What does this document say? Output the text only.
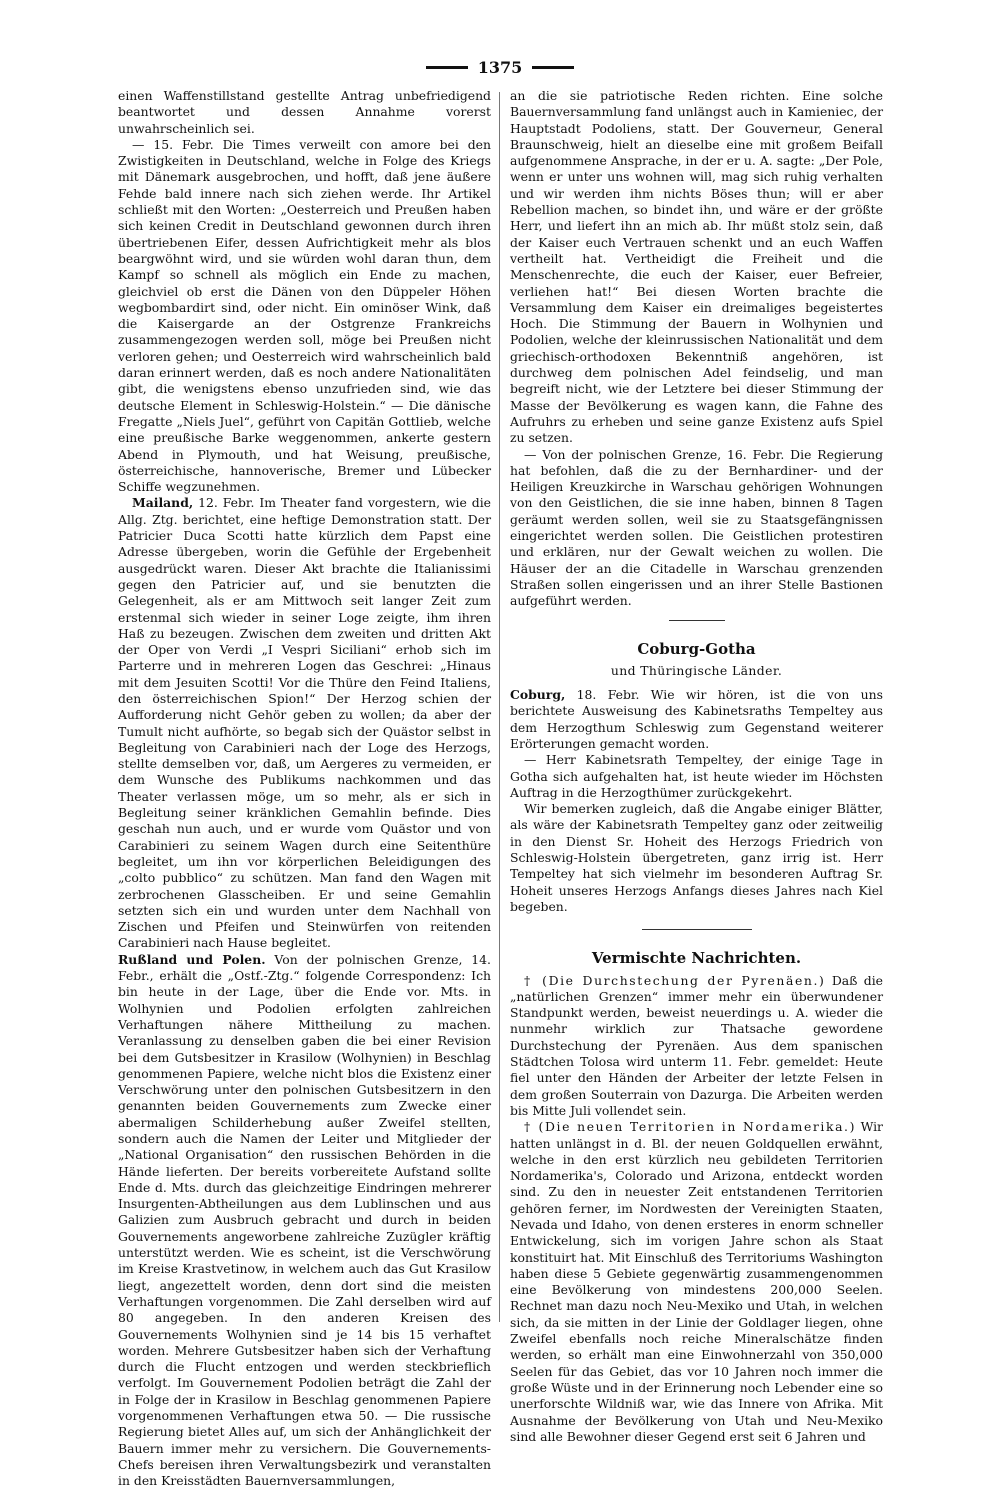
1375

einen Waffenstillstand gestellte Antrag unbefriedigend beantwortet und dessen Annahme vorerst unwahrscheinlich sei.

— 15. Febr. Die Times verweilt con amore bei den Zwistigkeiten in Deutschland, welche in Folge des Kriegs mit Dänemark ausgebrochen, und hofft, daß jene äußere Fehde bald innere nach sich ziehen werde. Ihr Artikel schließt mit den Worten: „Oesterreich und Preußen haben sich keinen Credit in Deutschland gewonnen durch ihren übertriebenen Eifer, dessen Aufrichtigkeit mehr als blos beargwöhnt wird, und sie würden wohl daran thun, dem Kampf so schnell als möglich ein Ende zu machen, gleichviel ob erst die Dänen von den Düppeler Höhen wegbombardirt sind, oder nicht. Ein ominöser Wink, daß die Kaisergarde an der Ostgrenze Frankreichs zusammengezogen werden soll, möge bei Preußen nicht verloren gehen; und Oesterreich wird wahrscheinlich bald daran erinnert werden, daß es noch andere Nationalitäten gibt, die wenigstens ebenso unzufrieden sind, wie das deutsche Element in Schleswig-Holstein.“ — Die dänische Fregatte „Niels Juel“, geführt von Capitän Gottlieb, welche eine preußische Barke weggenommen, ankerte gestern Abend in Plymouth, und hat Weisung, preußische, österreichische, hannoverische, Bremer und Lübecker Schiffe wegzunehmen.

Mailand, 12. Febr. Im Theater fand vorgestern, wie die Allg. Ztg. berichtet, eine heftige Demonstration statt. Der Patricier Duca Scotti hatte kürzlich dem Papst eine Adresse übergeben, worin die Gefühle der Ergebenheit ausgedrückt waren. Dieser Akt brachte die Italianissimi gegen den Patricier auf, und sie benutzten die Gelegenheit, als er am Mittwoch seit langer Zeit zum erstenmal sich wieder in seiner Loge zeigte, ihm ihren Haß zu bezeugen. Zwischen dem zweiten und dritten Akt der Oper von Verdi „I Vespri Siciliani“ erhob sich im Parterre und in mehreren Logen das Geschrei: „Hinaus mit dem Jesuiten Scotti! Vor die Thüre den Feind Italiens, den österreichischen Spion!“ Der Herzog schien der Aufforderung nicht Gehör geben zu wollen; da aber der Tumult nicht aufhörte, so begab sich der Quästor selbst in Begleitung von Carabinieri nach der Loge des Herzogs, stellte demselben vor, daß, um Aergeres zu vermeiden, er dem Wunsche des Publikums nachkommen und das Theater verlassen möge, um so mehr, als er sich in Begleitung seiner kränklichen Gemahlin befinde. Dies geschah nun auch, und er wurde vom Quästor und von Carabinieri zu seinem Wagen durch eine Seitenthüre begleitet, um ihn vor körperlichen Beleidigungen des „colto pubblico“ zu schützen. Man fand den Wagen mit zerbrochenen Glasscheiben. Er und seine Gemahlin setzten sich ein und wurden unter dem Nachhall von Zischen und Pfeifen und Steinwürfen von reitenden Carabinieri nach Hause begleitet.

Rußland und Polen. Von der polnischen Grenze, 14. Febr., erhält die „Ostf.-Ztg.“ folgende Correspondenz: Ich bin heute in der Lage, über die Ende vor. Mts. in Wolhynien und Podolien erfolgten zahlreichen Verhaftungen nähere Mittheilung zu machen. Veranlassung zu denselben gaben die bei einer Revision bei dem Gutsbesitzer in Krasilow (Wolhynien) in Beschlag genommenen Papiere, welche nicht blos die Existenz einer Verschwörung unter den polnischen Gutsbesitzern in den genannten beiden Gouvernements zum Zwecke einer abermaligen Schilderhebung außer Zweifel stellten, sondern auch die Namen der Leiter und Mitglieder der „National Organisation“ den russischen Behörden in die Hände lieferten. Der bereits vorbereitete Aufstand sollte Ende d. Mts. durch das gleichzeitige Eindringen mehrerer Insurgenten-Abtheilungen aus dem Lublinschen und aus Galizien zum Ausbruch gebracht und durch in beiden Gouvernements angeworbene zahlreiche Zuzügler kräftig unterstützt werden. Wie es scheint, ist die Verschwörung im Kreise Krastvetinow, in welchem auch das Gut Krasilow liegt, angezettelt worden, denn dort sind die meisten Verhaftungen vorgenommen. Die Zahl derselben wird auf 80 angegeben. In den anderen Kreisen des Gouvernements Wolhynien sind je 14 bis 15 verhaftet worden. Mehrere Gutsbesitzer haben sich der Verhaftung durch die Flucht entzogen und werden steckbrieflich verfolgt. Im Gouvernement Podolien beträgt die Zahl der in Folge der in Krasilow in Beschlag genommenen Papiere vorgenommenen Verhaftungen etwa 50. — Die russische Regierung bietet Alles auf, um sich der Anhänglichkeit der Bauern immer mehr zu versichern. Die Gouvernements-Chefs bereisen ihren Verwaltungsbezirk und veranstalten in den Kreisstädten Bauernversammlungen,

an die sie patriotische Reden richten. Eine solche Bauernversammlung fand unlängst auch in Kamieniec, der Hauptstadt Podoliens, statt. Der Gouverneur, General Braunschweig, hielt an dieselbe eine mit großem Beifall aufgenommene Ansprache, in der er u. A. sagte: „Der Pole, wenn er unter uns wohnen will, mag sich ruhig verhalten und wir werden ihm nichts Böses thun; will er aber Rebellion machen, so bindet ihn, und wäre er der größte Herr, und liefert ihn an mich ab. Ihr müßt stolz sein, daß der Kaiser euch Vertrauen schenkt und an euch Waffen vertheilt hat. Vertheidigt die Freiheit und die Menschenrechte, die euch der Kaiser, euer Befreier, verliehen hat!“ Bei diesen Worten brachte die Versammlung dem Kaiser ein dreimaliges begeistertes Hoch. Die Stimmung der Bauern in Wolhynien und Podolien, welche der kleinrussischen Nationalität und dem griechisch-orthodoxen Bekenntniß angehören, ist durchweg dem polnischen Adel feindselig, und man begreift nicht, wie der Letztere bei dieser Stimmung der Masse der Bevölkerung es wagen kann, die Fahne des Aufruhrs zu erheben und seine ganze Existenz aufs Spiel zu setzen.

— Von der polnischen Grenze, 16. Febr. Die Regierung hat befohlen, daß die zu der Bernhardiner- und der Heiligen Kreuzkirche in Warschau gehörigen Wohnungen von den Geistlichen, die sie inne haben, binnen 8 Tagen geräumt werden sollen, weil sie zu Staatsgefängnissen eingerichtet werden sollen. Die Geistlichen protestiren und erklären, nur der Gewalt weichen zu wollen. Die Häuser der an die Citadelle in Warschau grenzenden Straßen sollen eingerissen und an ihrer Stelle Bastionen aufgeführt werden.

Coburg-Gotha
und Thüringische Länder.

Coburg, 18. Febr. Wie wir hören, ist die von uns berichtete Ausweisung des Kabinetsraths Tempeltey aus dem Herzogthum Schleswig zum Gegenstand weiterer Erörterungen gemacht worden.

— Herr Kabinetsrath Tempeltey, der einige Tage in Gotha sich aufgehalten hat, ist heute wieder im Höchsten Auftrag in die Herzogthümer zurückgekehrt.

Wir bemerken zugleich, daß die Angabe einiger Blätter, als wäre der Kabinetsrath Tempeltey ganz oder zeitweilig in den Dienst Sr. Hoheit des Herzogs Friedrich von Schleswig-Holstein übergetreten, ganz irrig ist. Herr Tempeltey hat sich vielmehr im besonderen Auftrag Sr. Hoheit unseres Herzogs Anfangs dieses Jahres nach Kiel begeben.

Vermischte Nachrichten.

† (Die Durchstechung der Pyrenäen.) Daß die „natürlichen Grenzen“ immer mehr ein überwundener Standpunkt werden, beweist neuerdings u. A. wieder die nunmehr wirklich zur Thatsache gewordene Durchstechung der Pyrenäen. Aus dem spanischen Städtchen Tolosa wird unterm 11. Febr. gemeldet: Heute fiel unter den Händen der Arbeiter der letzte Felsen in dem großen Souterrain von Dazurga. Die Arbeiten werden bis Mitte Juli vollendet sein.

† (Die neuen Territorien in Nordamerika.) Wir hatten unlängst in d. Bl. der neuen Goldquellen erwähnt, welche in den erst kürzlich neu gebildeten Territorien Nordamerika's, Colorado und Arizona, entdeckt worden sind. Zu den in neuester Zeit entstandenen Territorien gehören ferner, im Nordwesten der Vereinigten Staaten, Nevada und Idaho, von denen ersteres in enorm schneller Entwickelung, sich im vorigen Jahre schon als Staat konstituirt hat. Mit Einschluß des Territoriums Washington haben diese 5 Gebiete gegenwärtig zusammengenommen eine Bevölkerung von mindestens 200,000 Seelen. Rechnet man dazu noch Neu-Mexiko und Utah, in welchen sich, da sie mitten in der Linie der Goldlager liegen, ohne Zweifel ebenfalls noch reiche Mineralschätze finden werden, so erhält man eine Einwohnerzahl von 350,000 Seelen für das Gebiet, das vor 10 Jahren noch immer die große Wüste und in der Erinnerung noch Lebender eine so unerforschte Wildniß war, wie das Innere von Afrika. Mit Ausnahme der Bevölkerung von Utah und Neu-Mexiko sind alle Bewohner dieser Gegend erst seit 6 Jahren und
